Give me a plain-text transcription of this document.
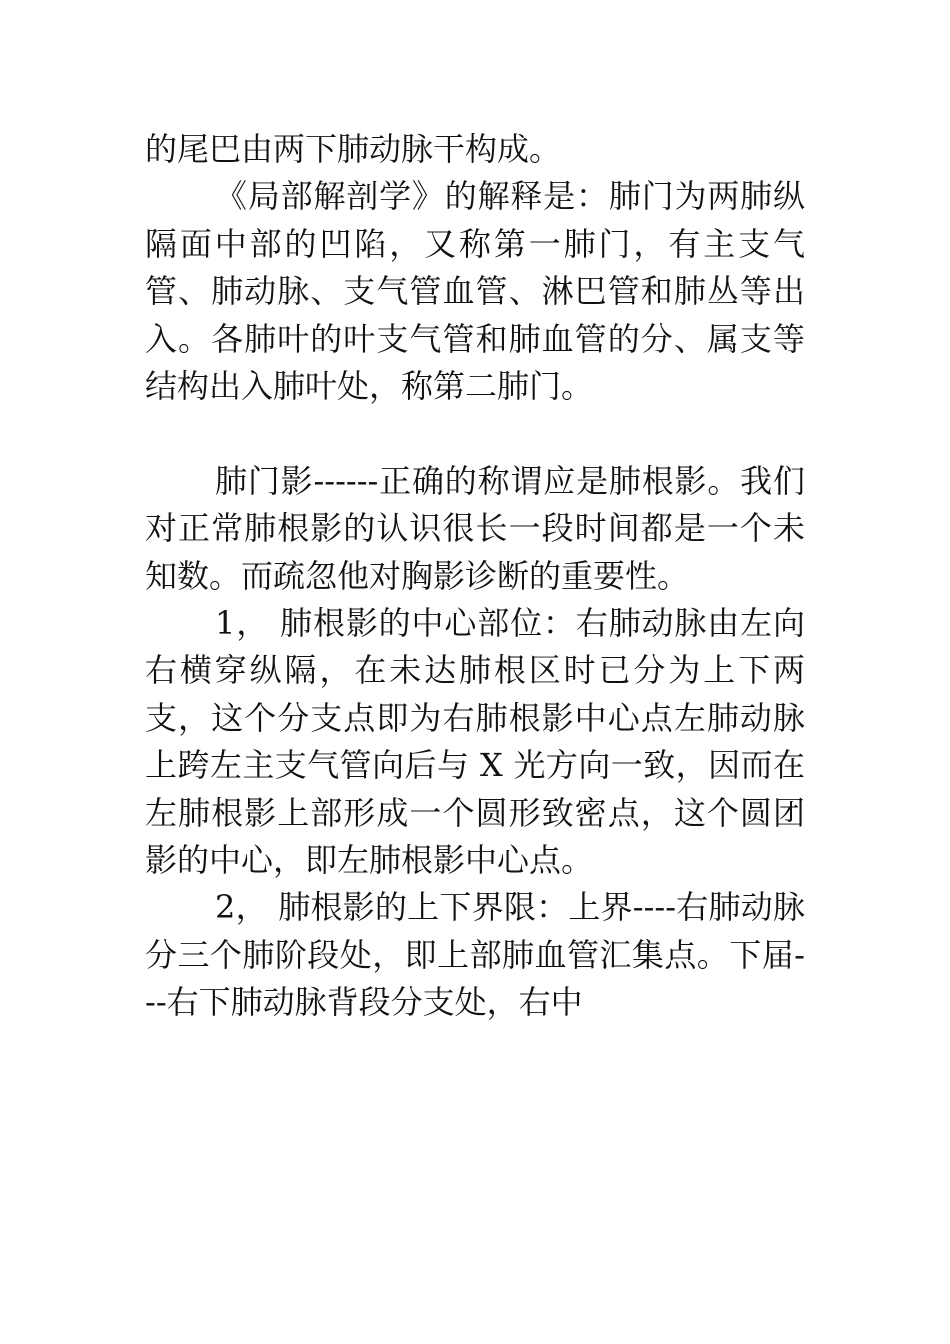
的尾巴由两下肺动脉干构成。

《局部解剖学》的解释是：肺门为两肺纵隔面中部的凹陷，又称第一肺门，有主支气管、肺动脉、支气管血管、淋巴管和肺丛等出入。各肺叶的叶支气管和肺血管的分、属支等结构出入肺叶处，称第二肺门。

肺门影------正确的称谓应是肺根影。我们对正常肺根影的认识很长一段时间都是一个未知数。而疏忽他对胸影诊断的重要性。

1， 肺根影的中心部位：右肺动脉由左向右横穿纵隔，在未达肺根区时已分为上下两支，这个分支点即为右肺根影中心点左肺动脉上跨左主支气管向后与 X 光方向一致，因而在左肺根影上部形成一个圆形致密点，这个圆团影的中心，即左肺根影中心点。

2， 肺根影的上下界限：上界----右肺动脉分三个肺阶段处，即上部肺血管汇集点。下届---右下肺动脉背段分支处，右中
